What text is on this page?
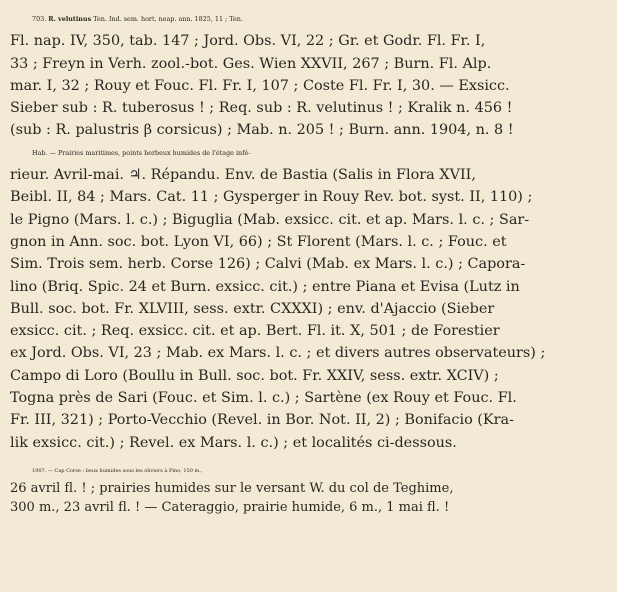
703. R. velutinus Ten. Ind. sem. hort. neap. ann. 1825, 11 ; Ten.
Fl. nap. IV, 350, tab. 147 ; Jord. Obs. VI, 22 ; Gr. et Godr. Fl. Fr. I,
33 ; Freyn in Verh. zool.-bot. Ges. Wien XXVII, 267 ; Burn. Fl. Alp.
mar. I, 32 ; Rouy et Fouc. Fl. Fr. I, 107 ; Coste Fl. Fr. I, 30. — Exsicc.
Sieber sub : R. tuberosus ! ; Req. sub : R. velutinus ! ; Kralik n. 456 !
(sub : R. palustris β corsicus) ; Mab. n. 205 ! ; Burn. ann. 1904, n. 8 !
Hab. — Prairies maritimes, points herbeux humides de l'étage infé-
rieur. Avril-mai. ♃. Répandu. Env. de Bastia (Salis in Flora XVII,
Beibl. II, 84 ; Mars. Cat. 11 ; Gysperger in Rouy Rev. bot. syst. II, 110) ;
le Pigno (Mars. l. c.) ; Biguglia (Mab. exsicc. cit. et ap. Mars. l. c. ; Sar-
gnon in Ann. soc. bot. Lyon VI, 66) ; St Florent (Mars. l. c. ; Fouc. et
Sim. Trois sem. herb. Corse 126) ; Calvi (Mab. ex Mars. l. c.) ; Capora-
lino (Briq. Spic. 24 et Burn. exsicc. cit.) ; entre Piana et Evisa (Lutz in
Bull. soc. bot. Fr. XLVIII, sess. extr. CXXXI) ; env. d'Ajaccio (Sieber
exsicc. cit. ; Req. exsicc. cit. et ap. Bert. Fl. it. X, 501 ; de Forestier
ex Jord. Obs. VI, 23 ; Mab. ex Mars. l. c. ; et divers autres observateurs) ;
Campo di Loro (Boullu in Bull. soc. bot. Fr. XXIV, sess. extr. XCIV) ;
Togna près de Sari (Fouc. et Sim. l. c.) ; Sartène (ex Rouy et Fouc. Fl.
Fr. III, 321) ; Porto-Vecchio (Revel. in Bor. Not. II, 2) ; Bonifacio (Kra-
lik exsicc. cit.) ; Revel. ex Mars. l. c.) ; et localités ci-dessous.
1907. — Cap Corse : lieux humides sous les oliviers à Pino, 150 m.,
26 avril fl. ! ; prairies humides sur le versant W. du col de Teghime,
300 m., 23 avril fl. ! — Cateraggio, prairie humide, 6 m., 1 mai fl. !
